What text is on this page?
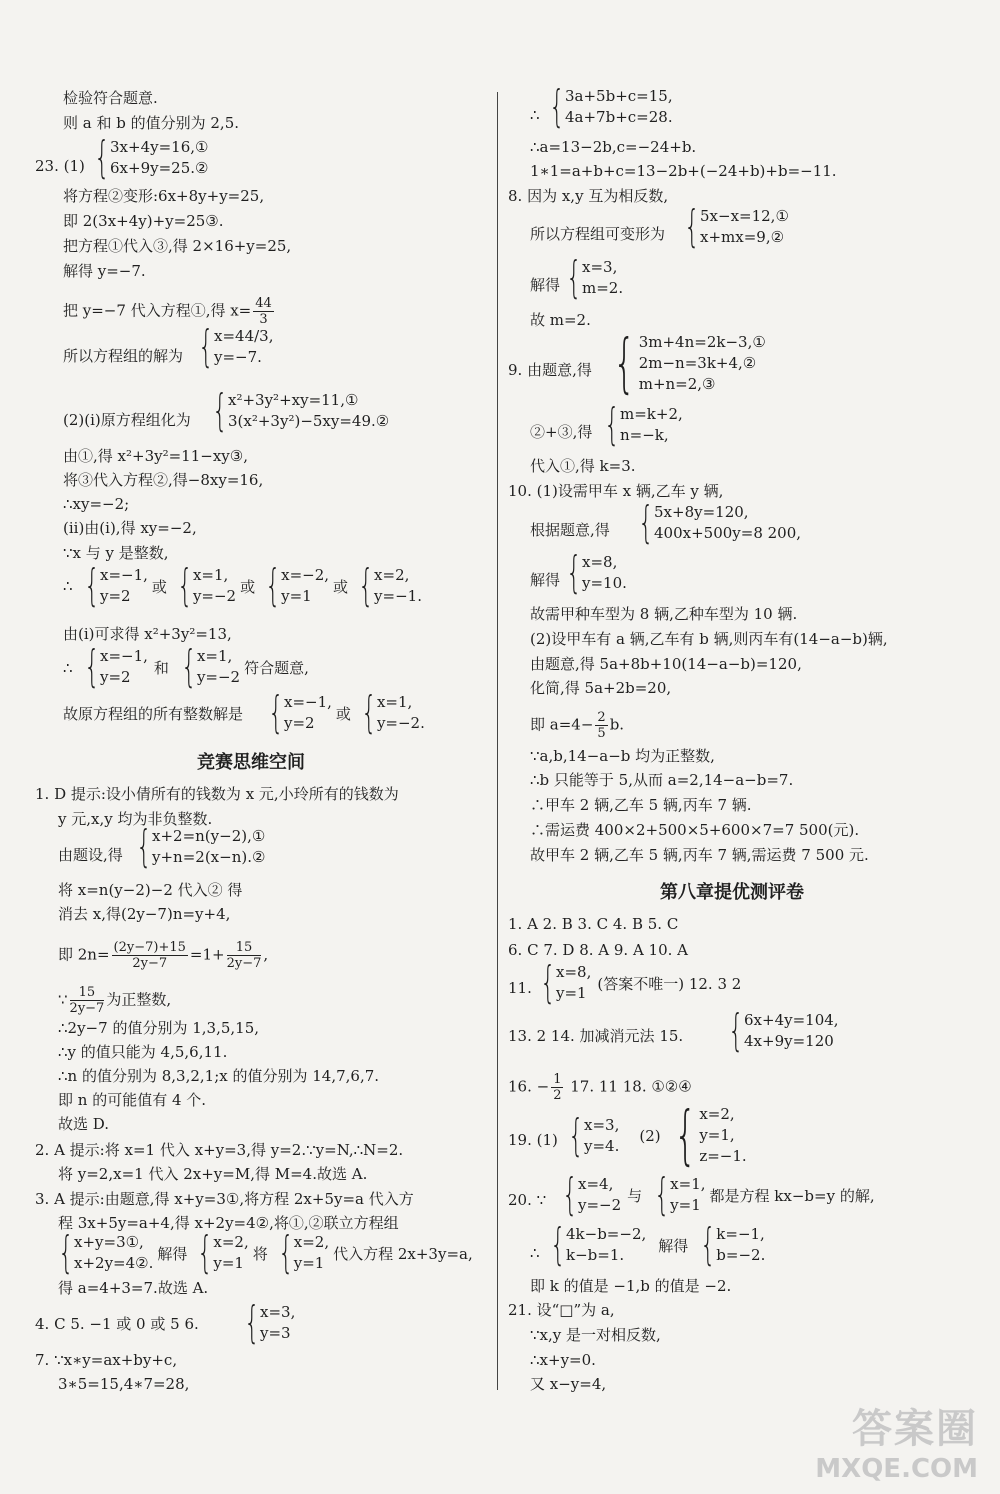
检验符合题意.
则 a 和 b 的值分别为 2,5.
23. (1) { 3x+4y=16,①
6x+9y=25.②
将方程②变形:6x+8y+y=25,
即 2(3x+4y)+y=25③.
把方程①代入③,得 2×16+y=25,
解得 y=−7.
把 y=−7 代入方程①,得 $x= \frac{44}{3}$
所以方程组的解为 { x=44/3,
y=−7.
(2)(i)原方程组化为 { x²+3y²+xy=11,①
3(x²+3y²)−5xy=49.②
由①,得 x²+3y²=11−xy③,
将③代入方程②,得−8xy=16,
∴xy=−2;
(ii)由(i),得 xy=−2,
∵x 与 y 是整数,
∴ { x=−1,
y=2
或 { x=1,
y=−2
或 { x=−2,
y=1
或 { x=2,
y=−1.
由(i)可求得 x²+3y²=13,
∴ { x=−1,
y=2
和 { x=1,
y=−2
符合题意,
故原方程组的所有整数解是 { x=−1,
y=2
或 { x=1,
y=−2.
竞赛思维空间
1. D 提示:设小倩所有的钱数为 x 元,小玲所有的钱数为
y 元,x,y 均为非负整数.
由题设,得 { x+2=n(y−2),①
y+n=2(x−n).②
将 x=n(y−2)−2 代入② 得
消去 x,得(2y−7)n=y+4,
即 $2n= \frac{(2y-7)+15}{2y-7} =1+ \frac{15}{2y-7}$ ,
∵ $\frac{15}{2y-7}$ 为正整数,
∴2y−7 的值分别为 1,3,5,15,
∴y 的值只能为 4,5,6,11.
∴n 的值分别为 8,3,2,1;x 的值分别为 14,7,6,7.
即 n 的可能值有 4 个.
故选 D.
2. A 提示:将 x=1 代入 x+y=3,得 y=2.∵y=N,∴N=2.
将 y=2,x=1 代入 2x+y=M,得 M=4.故选 A.
3. A 提示:由题意,得 x+y=3①,将方程 2x+5y=a 代入方
程 3x+5y=a+4,得 x+2y=4②,将①,②联立方程组
{ x+y=3①,
x+2y=4②.
解得 { x=2,
y=1
将 { x=2,
y=1
代入方程 2x+3y=a,
得 a=4+3=7.故选 A.
4. C 5. −1 或 0 或 5 6. { x=3,
y=3
7. ∵x∗y=ax+by+c,
3∗5=15,4∗7=28,
∴ { 3a+5b+c=15,
4a+7b+c=28.
∴a=13−2b,c=−24+b.
1∗1=a+b+c=13−2b+(−24+b)+b=−11.
8. 因为 x,y 互为相反数,
所以方程组可变形为 { 5x−x=12,①
x+mx=9,②
解得 { x=3,
m=2.
故 m=2.
9. 由题意,得 { 3m+4n=2k−3,①
2m−n=3k+4,②
m+n=2,③
②+③,得 { m=k+2,
n=−k,
代入①,得 k=3.
10. (1)设需甲车 x 辆,乙车 y 辆,
根据题意,得 { 5x+8y=120,
400x+500y=8 200,
解得 { x=8,
y=10.
故需甲种车型为 8 辆,乙种车型为 10 辆.
(2)设甲车有 a 辆,乙车有 b 辆,则丙车有(14−a−b)辆,
由题意,得 5a+8b+10(14−a−b)=120,
化简,得 5a+2b=20,
即 $a=4- \frac{2}{5} b$.
∵a,b,14−a−b 均为正整数,
∴b 只能等于 5,从而 a=2,14−a−b=7.
∴甲车 2 辆,乙车 5 辆,丙车 7 辆.
∴需运费 400×2+500×5+600×7=7 500(元).
故甲车 2 辆,乙车 5 辆,丙车 7 辆,需运费 7 500 元.
第八章提优测评卷
1. A 2. B 3. C 4. B 5. C
6. C 7. D 8. A 9. A 10. A
11. { x=8,
y=1
(答案不唯一) 12. 3 2
13. 2 14. 加减消元法 15. { 6x+4y=104,
4x+9y=120
16. − $\frac{1}{2} 17$. 11 18. ①②④
19. (1) { x=3,
y=4.
(2) { x=2,
y=1,
z=−1.
20. ∵ { x=4,
y=−2
与 { x=1,
y=1
都是方程 kx−b=y 的解,
∴ { 4k−b=−2,
k−b=1.
解得 { k=−1,
b=−2.
即 k 的值是 −1,b 的值是 −2.
21. 设“□”为 a,
∵x,y 是一对相反数,
∴x+y=0.
又 x−y=4,
答案圈
MXQE.COM
